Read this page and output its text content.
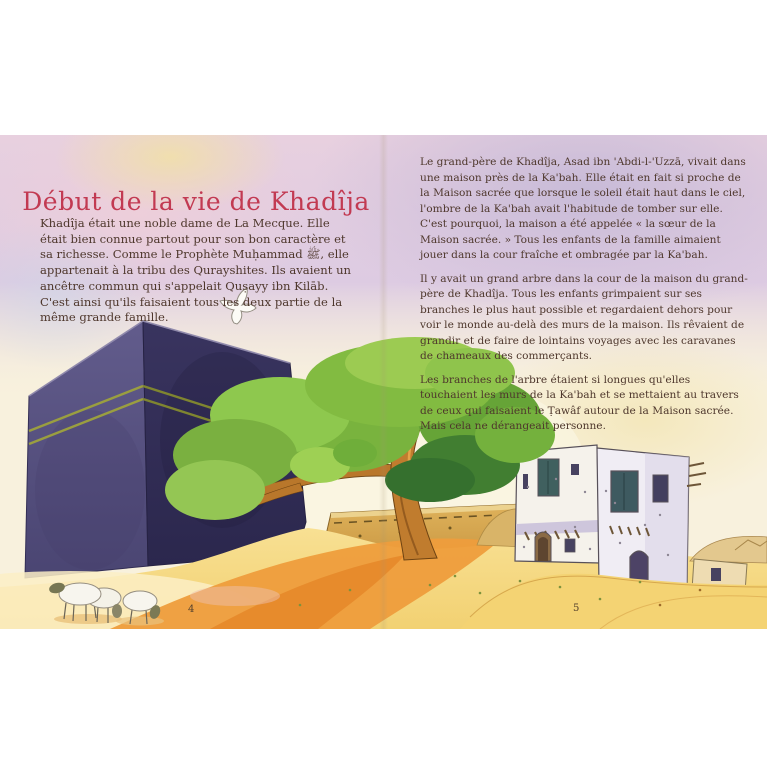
Début de la vie de Khadîja
Khadîja était une noble dame de La Mecque. Elle était bien connue partout pour son bon caractère et sa richesse. Comme le Prophète Muḥammad ﷺ, elle appartenait à la tribu des Qurayshites. Ils avaient un ancêtre commun qui s'appelait Quṣayy ibn Kilāb. C'est ainsi qu'ils faisaient tous les deux partie de la même grande famille.

Le grand-père de Khadîja, Asad ibn 'Abdi-l-'Uzzā, vivait dans une maison près de la Ka'bah. Elle était en fait si proche de la Maison sacrée que lorsque le soleil était haut dans le ciel, l'ombre de la Ka'bah avait l'habitude de tomber sur elle. C'est pourquoi, la maison a été appelée « la sœur de la Maison sacrée. » Tous les enfants de la famille aimaient jouer dans la cour fraîche et ombragée par la Ka'bah.

Il y avait un grand arbre dans la cour de la maison du grand-père de Khadîja. Tous les enfants grimpaient sur ses branches le plus haut possible et regardaient dehors pour voir le monde au-delà des murs de la maison. Ils rêvaient de grandir et de faire de lointains voyages avec les caravanes de chameaux des commerçants.

Les branches de l'arbre étaient si longues qu'elles touchaient les murs de la Ka'bah et se mettaient au travers de ceux qui faisaient le Ṭawâf autour de la Maison sacrée. Mais cela ne dérangeait personne.

4	5
